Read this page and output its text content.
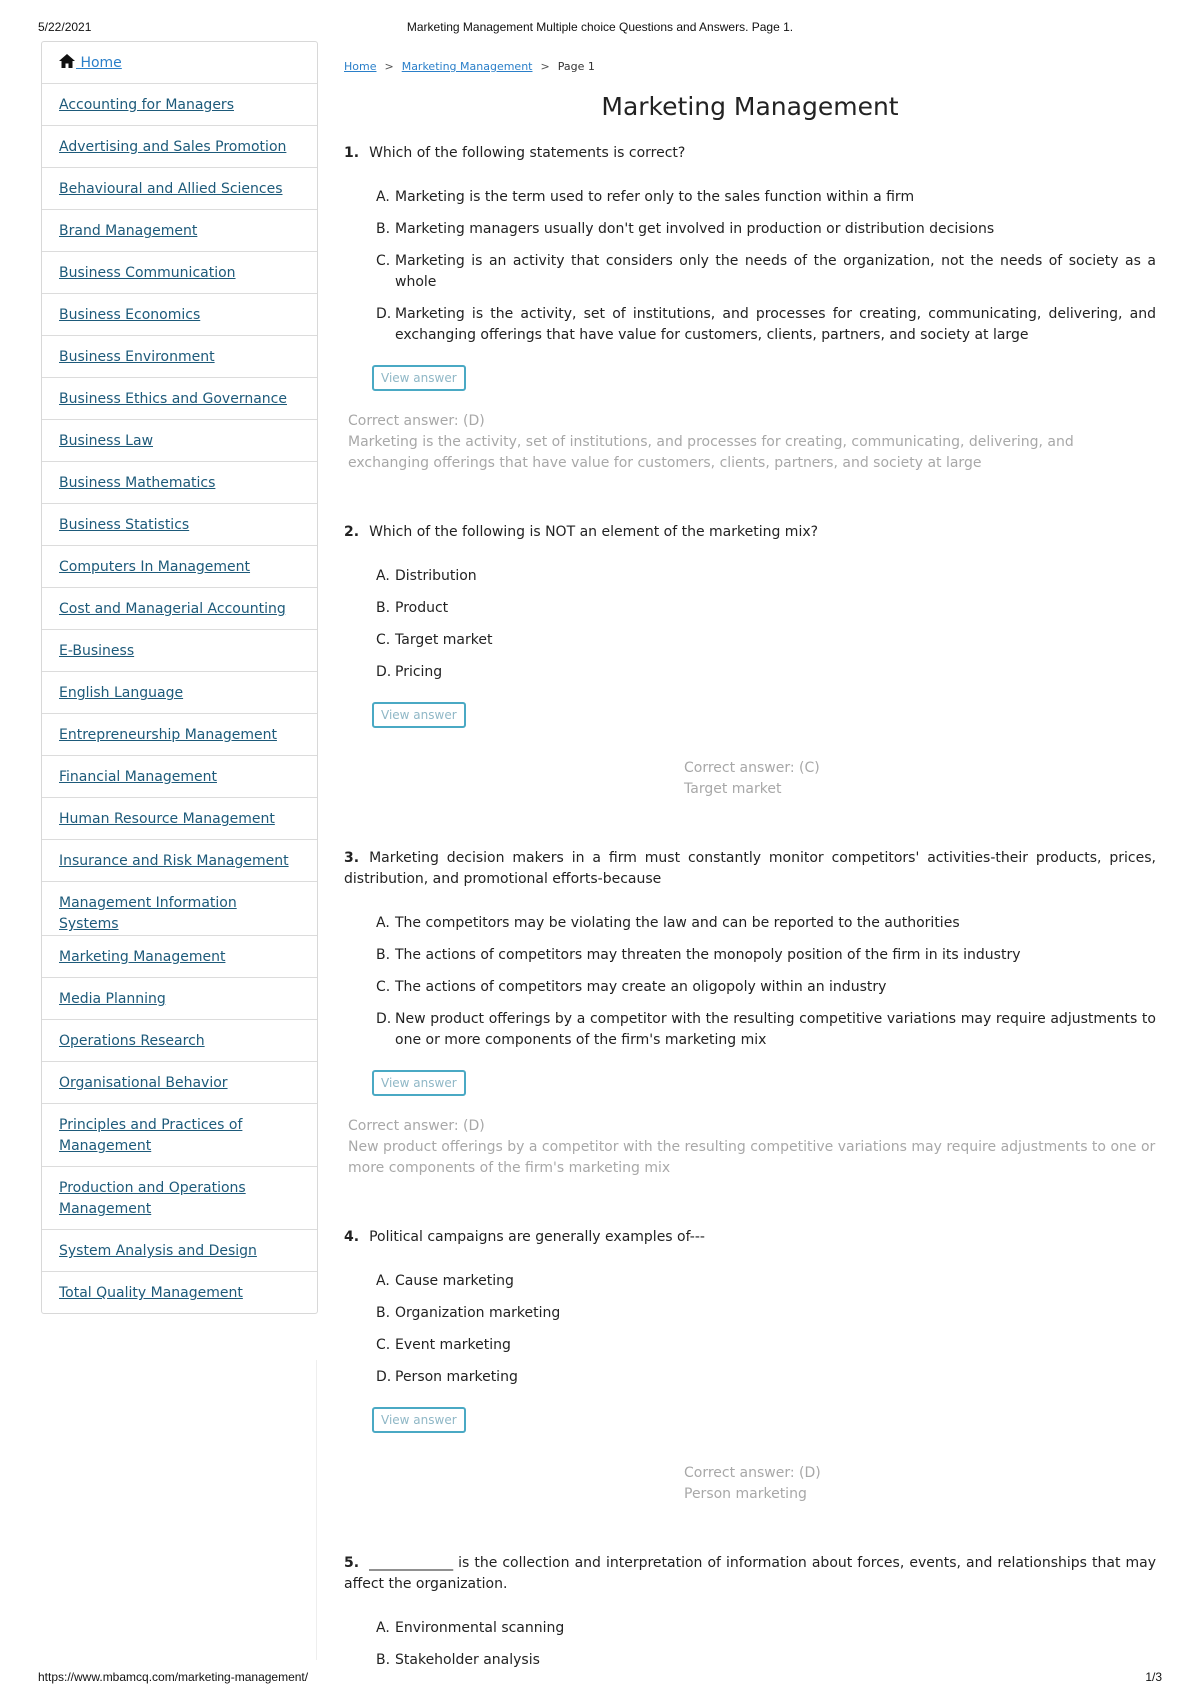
5/22/2021	Marketing Management Multiple choice Questions and Answers. Page 1.
Home
Accounting for Managers
Advertising and Sales Promotion
Behavioural and Allied Sciences
Brand Management
Business Communication
Business Economics
Business Environment
Business Ethics and Governance
Business Law
Business Mathematics
Business Statistics
Computers In Management
Cost and Managerial Accounting
E-Business
English Language
Entrepreneurship Management
Financial Management
Human Resource Management
Insurance and Risk Management
Management Information Systems
Marketing Management
Media Planning
Operations Research
Organisational Behavior
Principles and Practices of Management
Production and Operations Management
System Analysis and Design
Total Quality Management
Home > Marketing Management > Page 1
Marketing Management
1. Which of the following statements is correct?
A. Marketing is the term used to refer only to the sales function within a firm
B. Marketing managers usually don't get involved in production or distribution decisions
C. Marketing is an activity that considers only the needs of the organization, not the needs of society as a whole
D. Marketing is the activity, set of institutions, and processes for creating, communicating, delivering, and exchanging offerings that have value for customers, clients, partners, and society at large
View answer
Correct answer: (D)
Marketing is the activity, set of institutions, and processes for creating, communicating, delivering, and exchanging offerings that have value for customers, clients, partners, and society at large
2. Which of the following is NOT an element of the marketing mix?
A. Distribution
B. Product
C. Target market
D. Pricing
View answer
Correct answer: (C)
Target market
3. Marketing decision makers in a firm must constantly monitor competitors' activities-their products, prices, distribution, and promotional efforts-because
A. The competitors may be violating the law and can be reported to the authorities
B. The actions of competitors may threaten the monopoly position of the firm in its industry
C. The actions of competitors may create an oligopoly within an industry
D. New product offerings by a competitor with the resulting competitive variations may require adjustments to one or more components of the firm's marketing mix
View answer
Correct answer: (D)
New product offerings by a competitor with the resulting competitive variations may require adjustments to one or more components of the firm's marketing mix
4. Political campaigns are generally examples of---
A. Cause marketing
B. Organization marketing
C. Event marketing
D. Person marketing
View answer
Correct answer: (D)
Person marketing
5. ____________ is the collection and interpretation of information about forces, events, and relationships that may affect the organization.
A. Environmental scanning
B. Stakeholder analysis
https://www.mbamcq.com/marketing-management/	1/3
